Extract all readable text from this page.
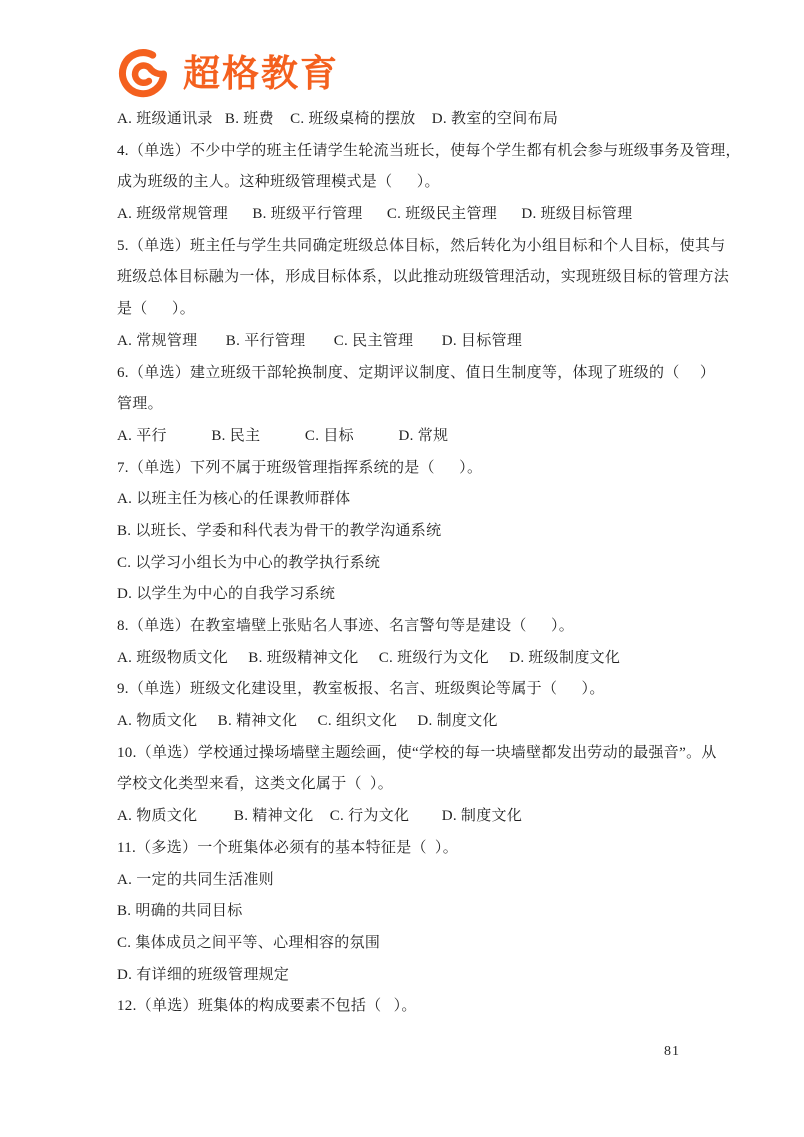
超格教育
A. 班级通讯录   B. 班费    C. 班级桌椅的摆放    D. 教室的空间布局
4.（单选）不少中学的班主任请学生轮流当班长，使每个学生都有机会参与班级事务及管理，
成为班级的主人。这种班级管理模式是（      ）。
A. 班级常规管理      B. 班级平行管理      C. 班级民主管理      D. 班级目标管理
5.（单选）班主任与学生共同确定班级总体目标，然后转化为小组目标和个人目标，使其与
班级总体目标融为一体，形成目标体系，以此推动班级管理活动，实现班级目标的管理方法
是（      ）。
A. 常规管理       B. 平行管理       C. 民主管理       D. 目标管理
6.（单选）建立班级干部轮换制度、定期评议制度、值日生制度等，体现了班级的（     ）
管理。
A. 平行           B. 民主           C. 目标           D. 常规
7.（单选）下列不属于班级管理指挥系统的是（      ）。
A. 以班主任为核心的任课教师群体
B. 以班长、学委和科代表为骨干的教学沟通系统
C. 以学习小组长为中心的教学执行系统
D. 以学生为中心的自我学习系统
8.（单选）在教室墙壁上张贴名人事迹、名言警句等是建设（      ）。
A. 班级物质文化     B. 班级精神文化     C. 班级行为文化     D. 班级制度文化
9.（单选）班级文化建设里，教室板报、名言、班级舆论等属于（      ）。
A. 物质文化     B. 精神文化     C. 组织文化     D. 制度文化
10.（单选）学校通过操场墙壁主题绘画，使“学校的每一块墙壁都发出劳动的最强音”。从
学校文化类型来看，这类文化属于（  ）。
A. 物质文化         B. 精神文化    C. 行为文化        D. 制度文化
11.（多选）一个班集体必须有的基本特征是（  ）。
A. 一定的共同生活准则
B. 明确的共同目标
C. 集体成员之间平等、心理相容的氛围
D. 有详细的班级管理规定
12.（单选）班集体的构成要素不包括（   ）。
81
